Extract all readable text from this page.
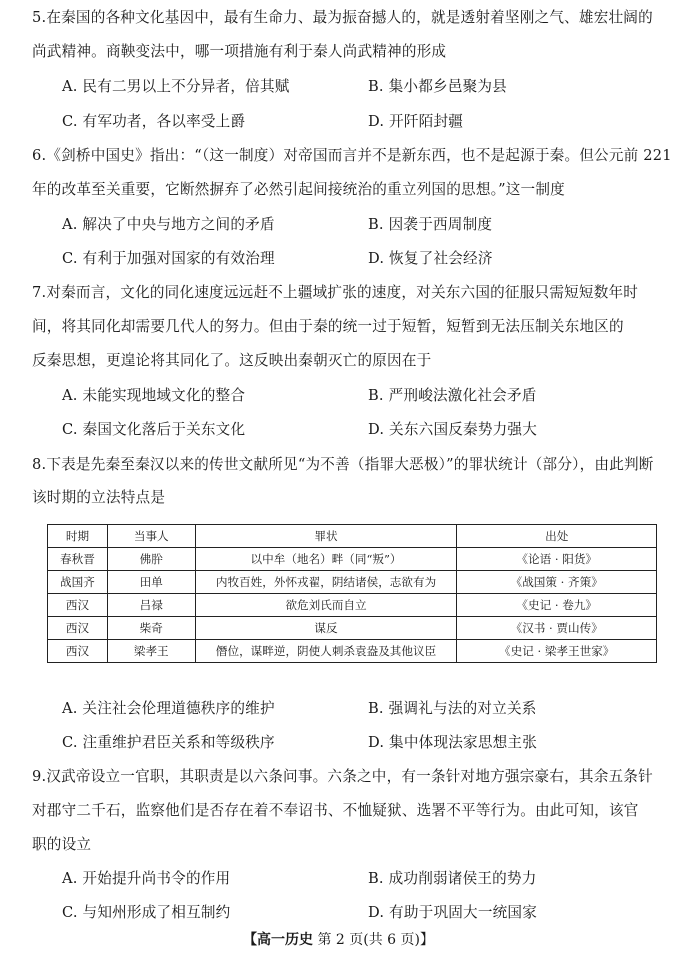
5.在秦国的各种文化基因中，最有生命力、最为振奋撼人的，就是透射着坚刚之气、雄宏壮阔的
尚武精神。商鞅变法中，哪一项措施有利于秦人尚武精神的形成
A. 民有二男以上不分异者，倍其赋	B. 集小都乡邑聚为县
C. 有军功者，各以率受上爵	D. 开阡陌封疆
6.《剑桥中国史》指出：“（这一制度）对帝国而言并不是新东西，也不是起源于秦。但公元前 221
年的改革至关重要，它断然摒弃了必然引起间接统治的重立列国的思想。”这一制度
A. 解决了中央与地方之间的矛盾	B. 因袭于西周制度
C. 有利于加强对国家的有效治理	D. 恢复了社会经济
7.对秦而言，文化的同化速度远远赶不上疆域扩张的速度，对关东六国的征服只需短短数年时
间，将其同化却需要几代人的努力。但由于秦的统一过于短暂，短暂到无法压制关东地区的
反秦思想，更遑论将其同化了。这反映出秦朝灭亡的原因在于
A. 未能实现地域文化的整合	B. 严刑峻法激化社会矛盾
C. 秦国文化落后于关东文化	D. 关东六国反秦势力强大
8.下表是先秦至秦汉以来的传世文献所见“为不善（指罪大恶极）”的罪状统计（部分），由此判断
该时期的立法特点是
时期	当事人	罪状	出处
春秋晋	佛肸	以中牟（地名）畔（同“叛”）	《论语 · 阳货》
战国齐	田单	内牧百姓，外怀戎翟，阴结诸侯，志欲有为	《战国策 · 齐策》
西汉	吕禄	欲危刘氏而自立	《史记 · 卷九》
西汉	柴奇	谋反	《汉书 · 贾山传》
西汉	梁孝王	僭位，谋畔逆，阴使人刺杀袁盎及其他议臣	《史记 · 梁孝王世家》
A. 关注社会伦理道德秩序的维护	B. 强调礼与法的对立关系
C. 注重维护君臣关系和等级秩序	D. 集中体现法家思想主张
9.汉武帝设立一官职，其职责是以六条问事。六条之中，有一条针对地方强宗豪右，其余五条针
对郡守二千石，监察他们是否存在着不奉诏书、不恤疑狱、选署不平等行为。由此可知，该官
职的设立
A. 开始提升尚书令的作用	B. 成功削弱诸侯王的势力
C. 与知州形成了相互制约	D. 有助于巩固大一统国家
【高一历史 第 2 页(共 6 页)】
